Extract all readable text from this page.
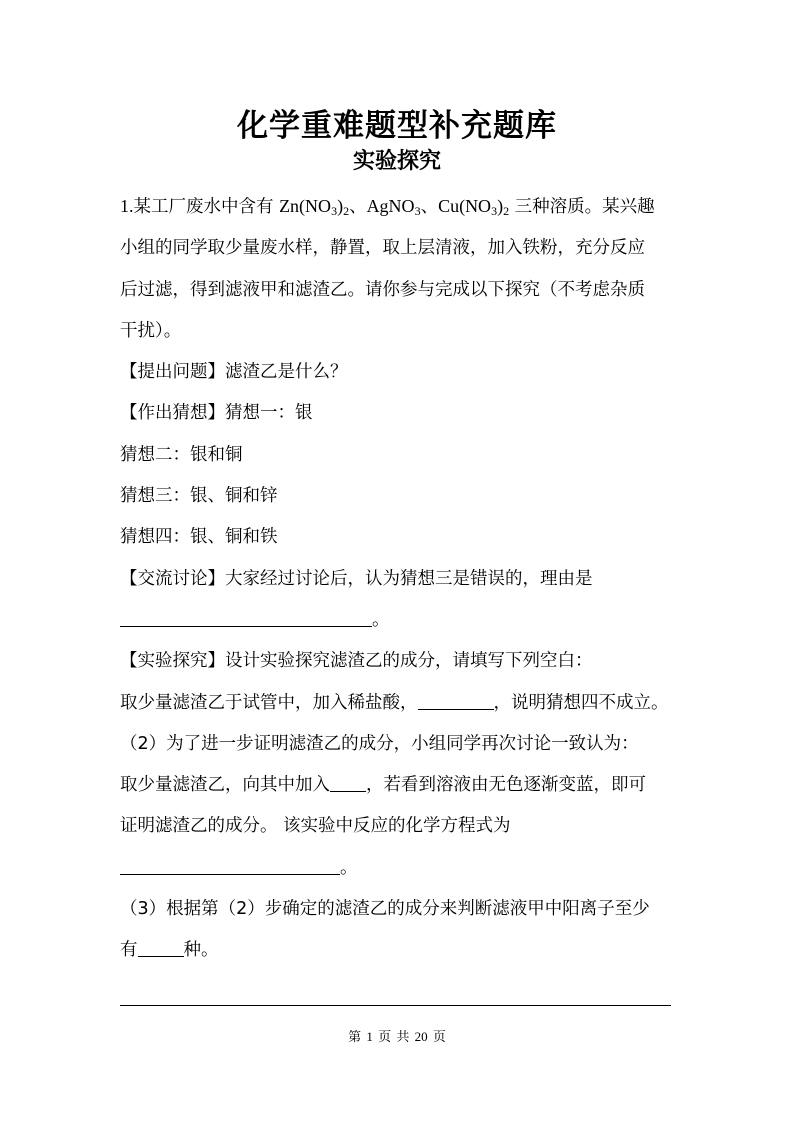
化学重难题型补充题库
实验探究
1.某工厂废水中含有 $Zn(NO_3)_2$、AgNO$_3$、$Cu(NO_3)_2$ 三种溶质。某兴趣
小组的同学取少量废水样，静置，取上层清液，加入铁粉，充分反应
后过滤，得到滤液甲和滤渣乙。请你参与完成以下探究（不考虑杂质
干扰）。
【提出问题】滤渣乙是什么？
【作出猜想】猜想一：银
猜想二：银和铜
猜想三：银、铜和锌
猜想四：银、铜和铁
【交流讨论】大家经过讨论后，认为猜想三是错误的，理由是
。
【实验探究】设计实验探究滤渣乙的成分，请填写下列空白：
取少量滤渣乙于试管中，加入稀盐酸，	，说明猜想四不成立。
（2）为了进一步证明滤渣乙的成分，小组同学再次讨论一致认为：
取少量滤渣乙，向其中加入 ，若看到溶液由无色逐渐变蓝，即可
证明滤渣乙的成分。 该实验中反应的化学方程式为
。
（3）根据第（2）步确定的滤渣乙的成分来判断滤液甲中阳离子至少
有	种。
第 1 页 共 20 页
